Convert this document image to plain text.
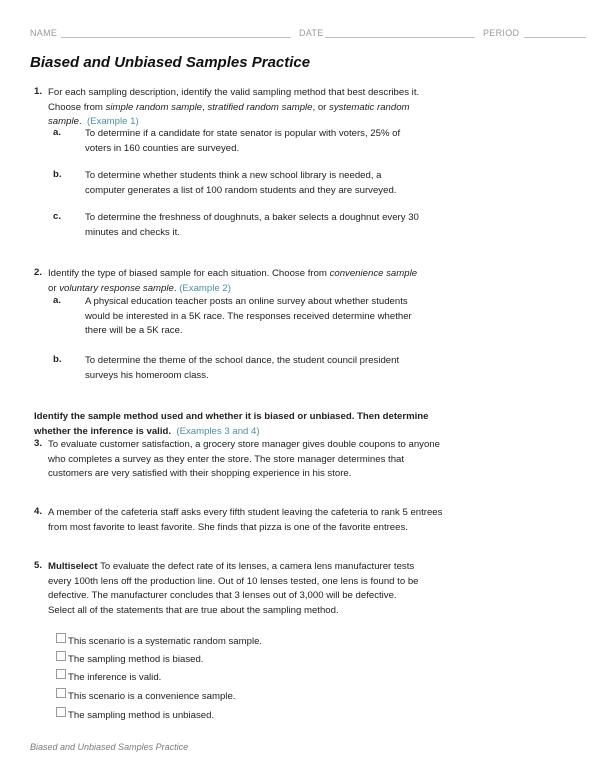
NAME	DATE	PERIOD
Biased and Unbiased Samples Practice
1. For each sampling description, identify the valid sampling method that best describes it.
Choose from simple random sample, stratified random sample, or systematic random
sample. (Example 1)
a. To determine if a candidate for state senator is popular with voters, 25% of
voters in 160 counties are surveyed.
b. To determine whether students think a new school library is needed, a
computer generates a list of 100 random students and they are surveyed.
c. To determine the freshness of doughnuts, a baker selects a doughnut every 30
minutes and checks it.
2. Identify the type of biased sample for each situation. Choose from convenience sample
or voluntary response sample. (Example 2)
a. A physical education teacher posts an online survey about whether students
would be interested in a 5K race. The responses received determine whether
there will be a 5K race.
b. To determine the theme of the school dance, the student council president
surveys his homeroom class.
Identify the sample method used and whether it is biased or unbiased. Then determine
whether the inference is valid. (Examples 3 and 4)
3. To evaluate customer satisfaction, a grocery store manager gives double coupons to anyone
who completes a survey as they enter the store. The store manager determines that
customers are very satisfied with their shopping experience in his store.
4. A member of the cafeteria staff asks every fifth student leaving the cafeteria to rank 5 entrees
from most favorite to least favorite. She finds that pizza is one of the favorite entrees.
5. Multiselect To evaluate the defect rate of its lenses, a camera lens manufacturer tests
every 100th lens off the production line. Out of 10 lenses tested, one lens is found to be
defective. The manufacturer concludes that 3 lenses out of 3,000 will be defective.
Select all of the statements that are true about the sampling method.
This scenario is a systematic random sample.
The sampling method is biased.
The inference is valid.
This scenario is a convenience sample.
The sampling method is unbiased.
Biased and Unbiased Samples Practice
